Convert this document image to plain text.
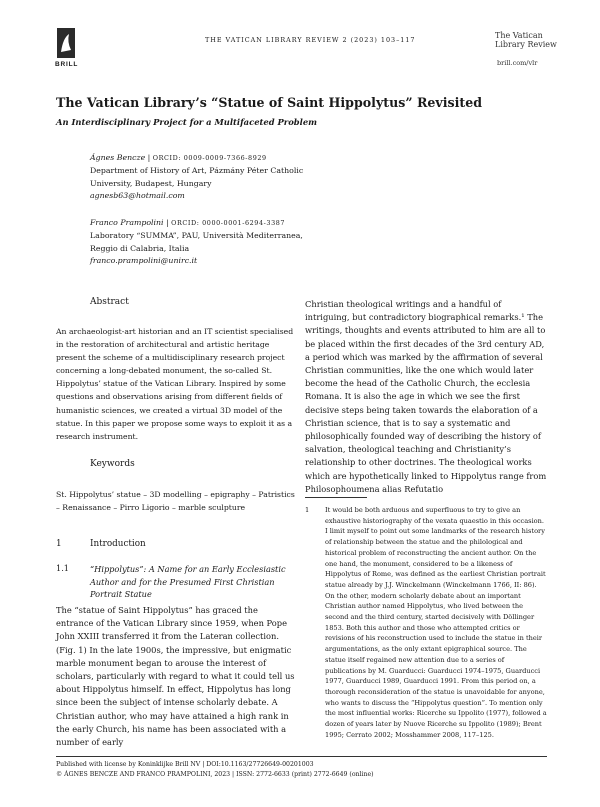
BRILL
THE VATICAN LIBRARY REVIEW 2 (2023) 103–117	The Vatican
Library Review
brill.com/vlr
The Vatican Library’s “Statue of Saint Hippolytus” Revisited
An Interdisciplinary Project for a Multifaceted Problem
Ágnes Bencze | ORCID: 0009-0009-7366-8929
Department of History of Art, Pázmány Péter Catholic
University, Budapest, Hungary
agnesb63@hotmail.com
Franco Prampolini | ORCID: 0000-0001-6294-3387
Laboratory “SUMMA”, PAU, Università Mediterranea,
Reggio di Calabria, Italia
franco.prampolini@unirc.it
Abstract
An archaeologist-art historian and an IT scientist specialised in the restoration of architectural and artistic heritage present the scheme of a multidisciplinary research project concerning a long-debated monument, the so-called St. Hippolytus’ statue of the Vatican Library. Inspired by some questions and observations arising from different fields of humanistic sciences, we created a virtual 3D model of the statue. In this paper we propose some ways to exploit it as a research instrument.
Keywords
St. Hippolytus’ statue – 3D modelling – epigraphy – Patristics – Renaissance – Pirro Ligorio – marble sculpture
1	Introduction
1.1	“Hippolytus”: A Name for an Early Ecclesiastic Author and for the Presumed First Christian Portrait Statue
The “statue of Saint Hippolytus” has graced the entrance of the Vatican Library since 1959, when Pope John XXIII transferred it from the Lateran collection. (Fig. 1) In the late 1900s, the impressive, but enigmatic marble monument began to arouse the interest of scholars, particularly with regard to what it could tell us about Hippolytus himself. In effect, Hippolytus has long since been the subject of intense scholarly debate. A Christian author, who may have attained a high rank in the early Church, his name has been associated with a number of early
Christian theological writings and a handful of intriguing, but contradictory biographical remarks.¹ The writings, thoughts and events attributed to him are all to be placed within the first decades of the 3rd century AD, a period which was marked by the affirmation of several Christian communities, like the one which would later become the head of the Catholic Church, the ecclesia Romana. It is also the age in which we see the first decisive steps being taken towards the elaboration of a Christian science, that is to say a systematic and philosophically founded way of describing the history of salvation, theological teaching and Christianity’s relationship to other doctrines. The theological works which are hypothetically linked to Hippolytus range from Philosophoumena alias Refutatio
1 It would be both arduous and superfluous to try to give an exhaustive historiography of the vexata quaestio in this occasion. I limit myself to point out some landmarks of the research history of relationship between the statue and the philological and historical problem of reconstructing the ancient author. On the one hand, the monument, considered to be a likeness of Hippolytus of Rome, was defined as the earliest Christian portrait statue already by J.J. Winckelmann (Winckelmann 1766, II: 86). On the other, modern scholarly debate about an important Christian author named Hippolytus, who lived between the second and the third century, started decisively with Döllinger 1853. Both this author and those who attempted critics or revisions of his reconstruction used to include the statue in their argumentations, as the only extant epigraphical source. The statue itself regained new attention due to a series of publications by M. Guarducci: Guarducci 1974–1975, Guarducci 1977, Guarducci 1989, Guarducci 1991. From this period on, a thorough reconsideration of the statue is unavoidable for anyone, who wants to discuss the “Hippolytus question”. To mention only the most influential works: Ricerche su Ippolito (1977), followed a dozen of years later by Nuove Ricerche su Ippolito (1989); Brent 1995; Cerrato 2002; Mosshammer 2008, 117–125.
Published with license by Koninklijke Brill NV | DOI:10.1163/27726649-00201003
© ÁGNES BENCZE AND FRANCO PRAMPOLINI, 2023 | ISSN: 2772-6633 (print) 2772-6649 (online)
